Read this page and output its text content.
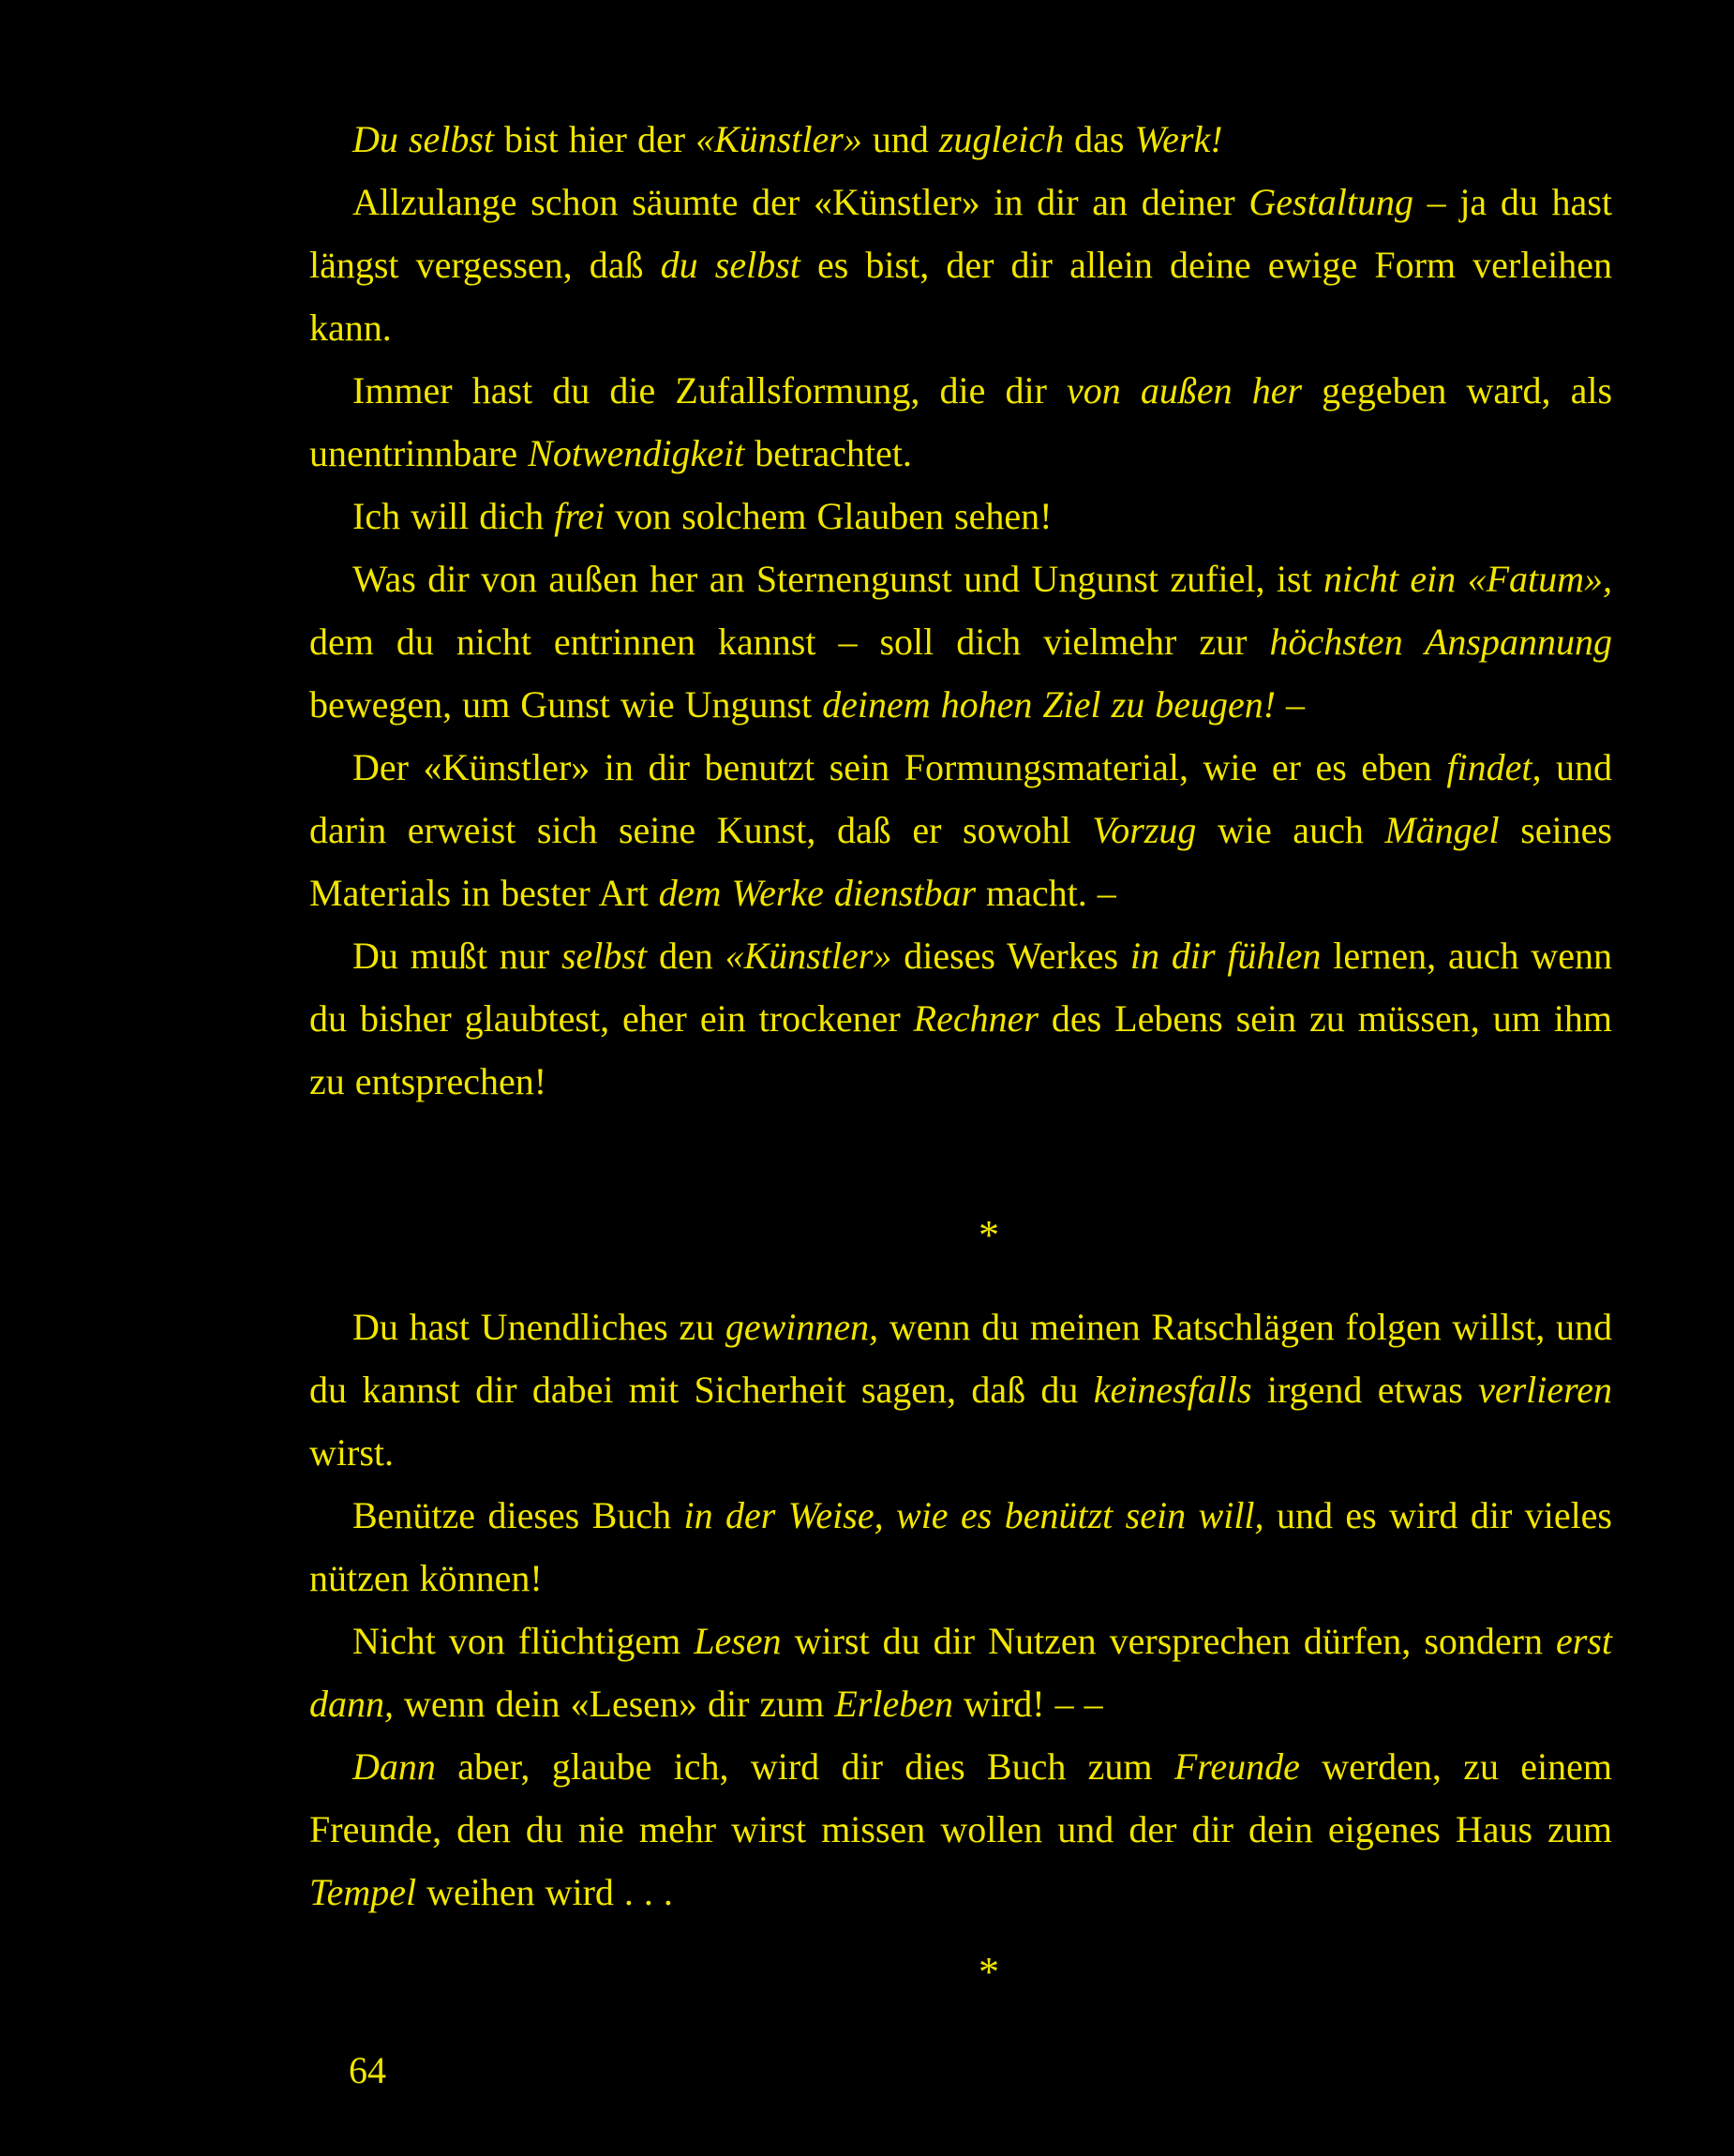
Du selbst bist hier der «Künstler» und zugleich das Werk!

Allzulange schon säumte der «Künstler» in dir an deiner Gestaltung – ja du hast längst vergessen, daß du selbst es bist, der dir allein deine ewige Form verleihen kann.

Immer hast du die Zufallsformung, die dir von außen her gegeben ward, als unentrinnbare Notwendigkeit betrachtet.

Ich will dich frei von solchem Glauben sehen!

Was dir von außen her an Sternengunst und Ungunst zufiel, ist nicht ein «Fatum», dem du nicht entrinnen kannst – soll dich vielmehr zur höchsten Anspannung bewegen, um Gunst wie Ungunst deinem hohen Ziel zu beugen! –

Der «Künstler» in dir benutzt sein Formungsmaterial, wie er es eben findet, und darin erweist sich seine Kunst, daß er sowohl Vorzug wie auch Mängel seines Materials in bester Art dem Werke dienstbar macht. –

Du mußt nur selbst den «Künstler» dieses Werkes in dir fühlen lernen, auch wenn du bisher glaubtest, eher ein trockener Rechner des Lebens sein zu müssen, um ihm zu entsprechen!

*

Du hast Unendliches zu gewinnen, wenn du meinen Ratschlägen folgen willst, und du kannst dir dabei mit Sicherheit sagen, daß du keinesfalls irgend etwas verlieren wirst.

Benütze dieses Buch in der Weise, wie es benützt sein will, und es wird dir vieles nützen können!

Nicht von flüchtigem Lesen wirst du dir Nutzen versprechen dürfen, sondern erst dann, wenn dein «Lesen» dir zum Erleben wird! – –

Dann aber, glaube ich, wird dir dies Buch zum Freunde werden, zu einem Freunde, den du nie mehr wirst missen wollen und der dir dein eigenes Haus zum Tempel weihen wird . . .

*

64
